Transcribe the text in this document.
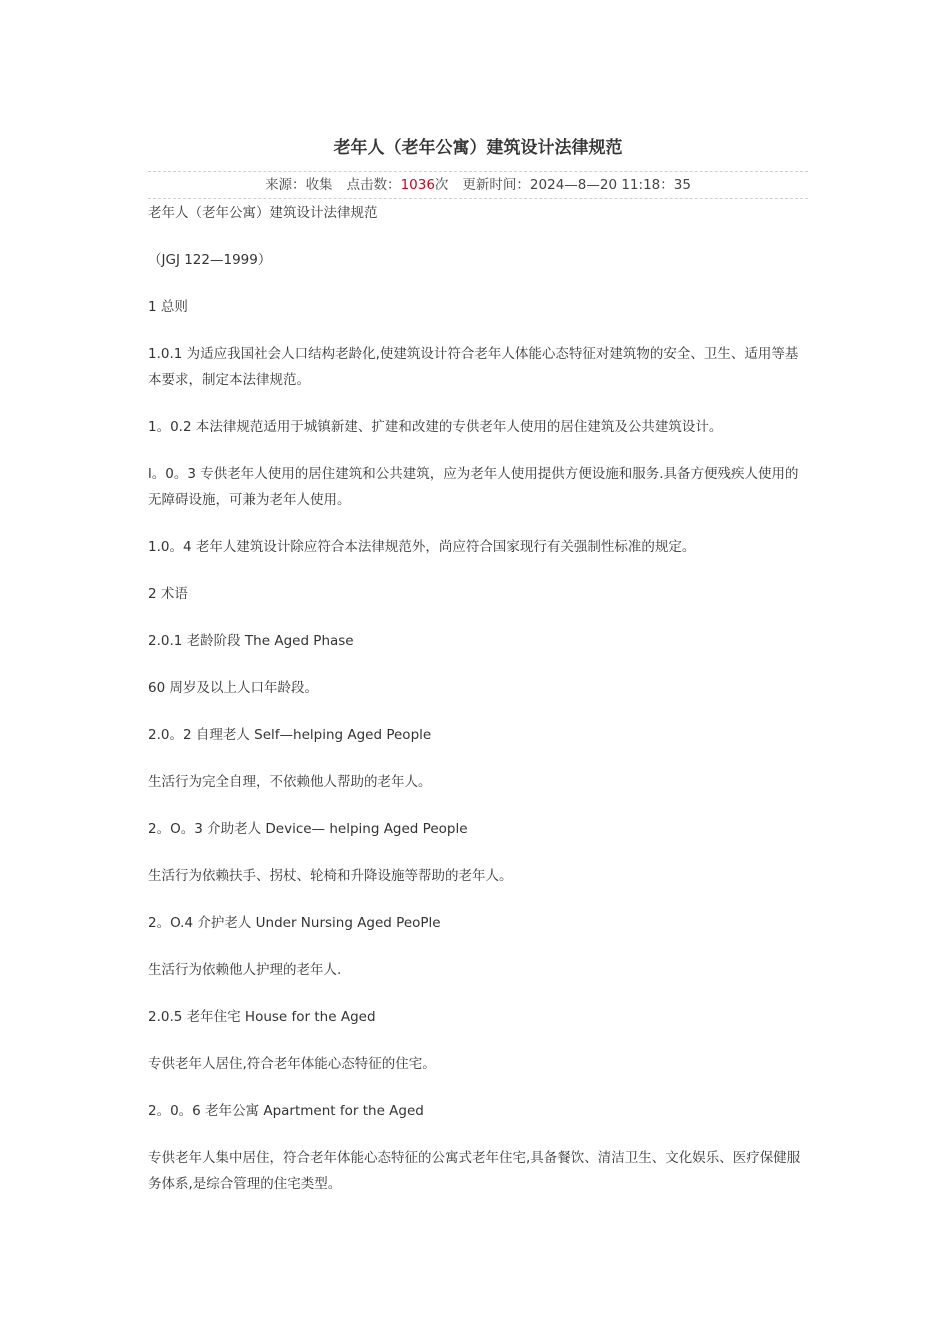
老年人（老年公寓）建筑设计法律规范
来源：收集 点击数：1036次 更新时间：2024—8—20 11:18：35

老年人（老年公寓）建筑设计法律规范

（JGJ 122—1999）

1 总则

1.0.1 为适应我国社会人口结构老龄化,使建筑设计符合老年人体能心态特征对建筑物的安全、卫生、适用等基本要求，制定本法律规范。

1。0.2 本法律规范适用于城镇新建、扩建和改建的专供老年人使用的居住建筑及公共建筑设计。

l。0。3 专供老年人使用的居住建筑和公共建筑，应为老年人使用提供方便设施和服务.具备方便残疾人使用的无障碍设施，可兼为老年人使用。

1.0。4 老年人建筑设计除应符合本法律规范外，尚应符合国家现行有关强制性标准的规定。

2 术语

2.0.1 老龄阶段 The Aged Phase

60 周岁及以上人口年龄段。

2.0。2 自理老人 Self—helping Aged People

生活行为完全自理，不依赖他人帮助的老年人。

2。O。3 介助老人 Device— helping Aged People

生活行为依赖扶手、拐杖、轮椅和升降设施等帮助的老年人。

2。O.4 介护老人 Under Nursing Aged PeoPle

生活行为依赖他人护理的老年人.

2.0.5 老年住宅 House for the Aged

专供老年人居住,符合老年体能心态特征的住宅。

2。0。6 老年公寓 Apartment for the Aged

专供老年人集中居住，符合老年体能心态特征的公寓式老年住宅,具备餐饮、清洁卫生、文化娱乐、医疗保健服务体系,是综合管理的住宅类型。
